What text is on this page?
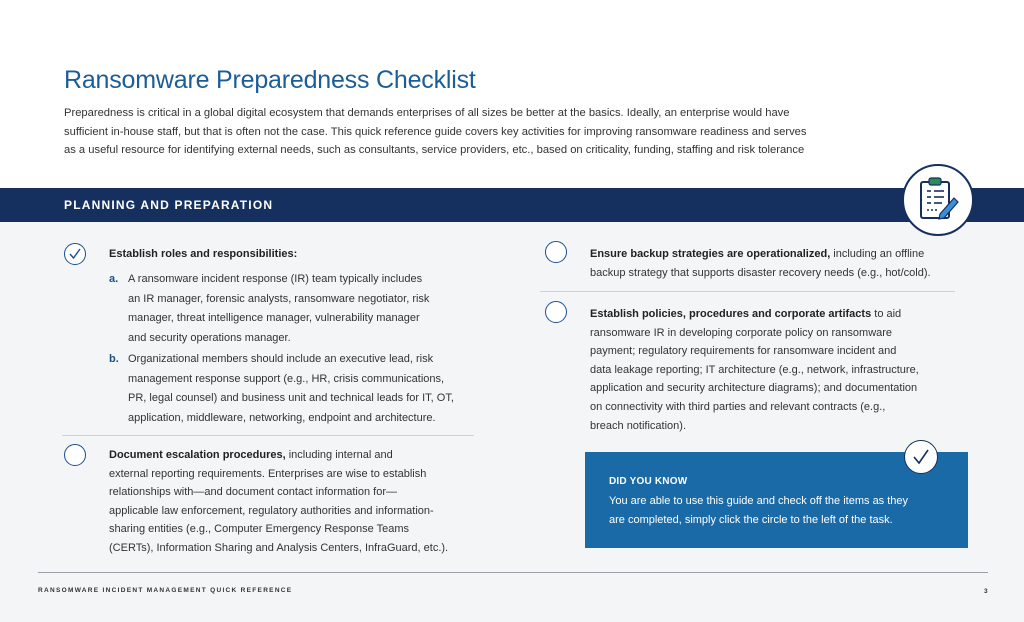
Ransomware Preparedness Checklist

Preparedness is critical in a global digital ecosystem that demands enterprises of all sizes be better at the basics. Ideally, an enterprise would have
sufficient in-house staff, but that is often not the case. This quick reference guide covers key activities for improving ransomware readiness and serves
as a useful resource for identifying external needs, such as consultants, service providers, etc., based on criticality, funding, staffing and risk tolerance

PLANNING AND PREPARATION
Establish roles and responsibilities:
a. A ransomware incident response (IR) team typically includes
an IR manager, forensic analysts, ransomware negotiator, risk
manager, threat intelligence manager, vulnerability manager
and security operations manager.
b. Organizational members should include an executive lead, risk
management response support (e.g., HR, crisis communications,
PR, legal counsel) and business unit and technical leads for IT, OT,
application, middleware, networking, endpoint and architecture.

Document escalation procedures, including internal and
external reporting requirements. Enterprises are wise to establish
relationships with—and document contact information for—
applicable law enforcement, regulatory authorities and information-
sharing entities (e.g., Computer Emergency Response Teams
(CERTs), Information Sharing and Analysis Centers, InfraGuard, etc.).

Ensure backup strategies are operationalized, including an offline
backup strategy that supports disaster recovery needs (e.g., hot/cold).

Establish policies, procedures and corporate artifacts to aid
ransomware IR in developing corporate policy on ransomware
payment; regulatory requirements for ransomware incident and
data leakage reporting; IT architecture (e.g., network, infrastructure,
application and security architecture diagrams); and documentation
on connectivity with third parties and relevant contracts (e.g.,
breach notification).

DID YOU KNOW
You are able to use this guide and check off the items as they
are completed, simply click the circle to the left of the task.
RANSOMWARE INCIDENT MANAGEMENT QUICK REFERENCE	3
